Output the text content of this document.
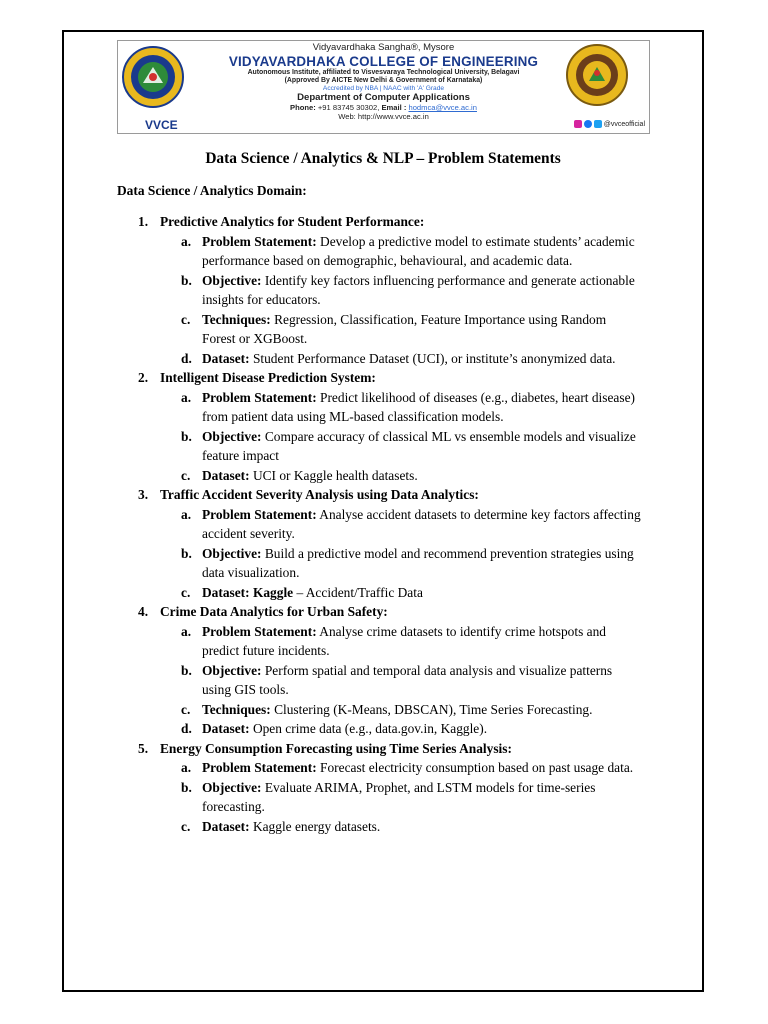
VVCE
Vidyavardhaka Sangha®, Mysore
VIDYAVARDHAKA COLLEGE OF ENGINEERING
Autonomous Institute, affiliated to Visvesvaraya Technological University, Belagavi
(Approved By AICTE New Delhi & Government of Karnataka)
Accredited by NBA | NAAC with 'A' Grade
Department of Computer Applications
Phone: +91 83745 30302, Email : hodmca@vvce.ac.in
Web: http://www.vvce.ac.in
@vvceofficial
Data Science / Analytics & NLP – Problem Statements
Data Science / Analytics Domain:
1. Predictive Analytics for Student Performance:
a. Problem Statement: Develop a predictive model to estimate students’ academic performance based on demographic, behavioural, and academic data.
b. Objective: Identify key factors influencing performance and generate actionable insights for educators.
c. Techniques: Regression, Classification, Feature Importance using Random Forest or XGBoost.
d. Dataset: Student Performance Dataset (UCI), or institute’s anonymized data.
2. Intelligent Disease Prediction System:
a. Problem Statement: Predict likelihood of diseases (e.g., diabetes, heart disease) from patient data using ML-based classification models.
b. Objective: Compare accuracy of classical ML vs ensemble models and visualize feature impact
c. Dataset: UCI or Kaggle health datasets.
3. Traffic Accident Severity Analysis using Data Analytics:
a. Problem Statement: Analyse accident datasets to determine key factors affecting accident severity.
b. Objective: Build a predictive model and recommend prevention strategies using data visualization.
c. Dataset: Kaggle – Accident/Traffic Data
4. Crime Data Analytics for Urban Safety:
a. Problem Statement: Analyse crime datasets to identify crime hotspots and predict future incidents.
b. Objective: Perform spatial and temporal data analysis and visualize patterns using GIS tools.
c. Techniques: Clustering (K-Means, DBSCAN), Time Series Forecasting.
d. Dataset: Open crime data (e.g., data.gov.in, Kaggle).
5. Energy Consumption Forecasting using Time Series Analysis:
a. Problem Statement: Forecast electricity consumption based on past usage data.
b. Objective: Evaluate ARIMA, Prophet, and LSTM models for time-series forecasting.
c. Dataset: Kaggle energy datasets.
